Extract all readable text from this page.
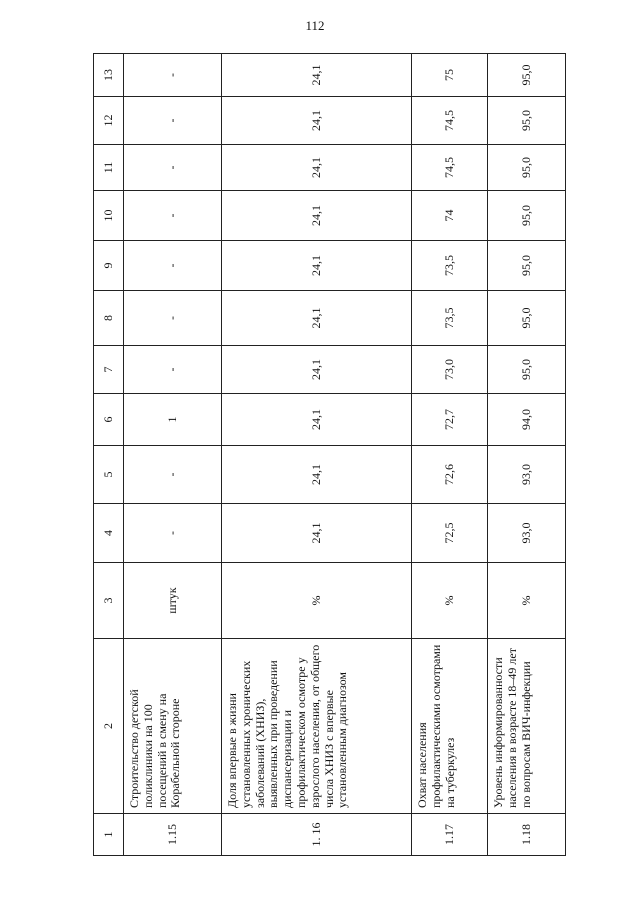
112
1	2	3	4	5	6	7	8	9	10	11	12	13
1.15	Строительство детской поликлиники на 100 посещений в смену на Корабельной стороне	штук	-	-	1	-	-	-	-	-	-	-
1. 16	Доля впервые в жизни установленных хронических заболеваний (ХНИЗ), выявленных при проведении диспансеризации и профилактическом осмотре у взрослого населения, от общего числа ХНИЗ с впервые установленным диагнозом	%	24,1	24,1	24,1	24,1	24,1	24,1	24,1	24,1	24,1	24,1
1.17	Охват населения профилактическими осмотрами на туберкулез	%	72,5	72,6	72,7	73,0	73,5	73,5	74	74,5	74,5	75
1.18	Уровень информированности населения в возрасте 18–49 лет по вопросам ВИЧ-инфекции	%	93,0	93,0	94,0	95,0	95,0	95,0	95,0	95,0	95,0	95,0
